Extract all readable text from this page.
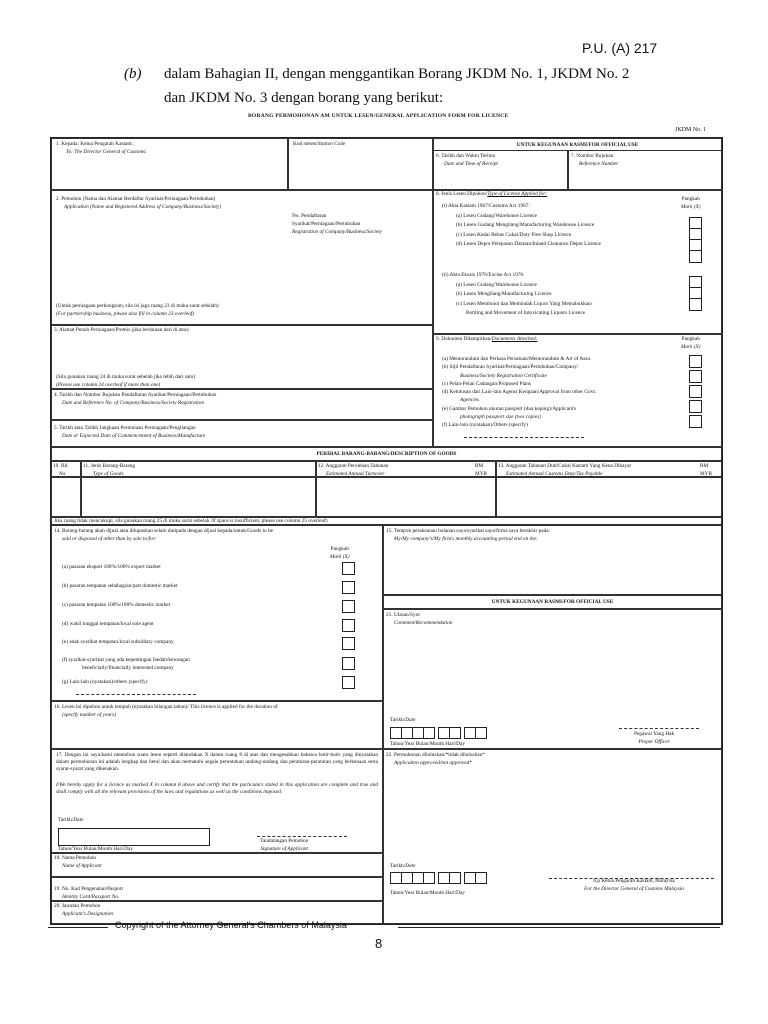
P.U. (A) 217
(b) dalam Bahagian II, dengan menggantikan Borang JKDM No. 1, JKDM No. 2
dan JKDM No. 3 dengan borang yang berikut:
BORANG PERMOHONAN AM UNTUK LESEN/GENERAL APPLICATION FORM FOR LICENCE
JKDM No. 1
1. Kepada: Ketua Pengarah Kastam:
To: The Director General of Customs:
Kod stesen/Station Code	UNTUK KEGUNAAN RASMI/FOR OFFICIAL USE
6. Tarikh dan Waktu Terima
Date and Time of Receipt
7. Nombor Rujukan
Reference Number
2. Pemohon (Nama dan Alamat Berdaftar Syarikat/Perniagaan/Pertubuhan)
Application (Name and Registered Address of Company/Business/Society)
No. Pendaftaran
Syarikat/Perniagaan/Pertubuhan
Registration of Company/Business/Society
(Untuk perniagaan perkongsian, sila isi juga ruang 23 di muka surat sebelah)
(For partnership business, please also fill in column 23 overleaf)
3. Alamat Penuh Perniagaan/Premis (jika berlainan dari di atas)
(Sila gunakan ruang 24 di muka surat sebelah jika lebih dari satu)
(Please use column 24 overleaf if more than one)
4. Tarikh dan Nombor Rujukan Pendaftaran Syarikat/Perniagaan/Pertubuhan
Date and Reference No. of Company/Business/Society Registration
5. Tarikh atau Tarikh Jangkaan Permulaan Perniagaan/Pengilangan
Date or Expected Date of Commencement of Business/Manufacture
8. Jenis Lesen Dipohon/Type of License Applied for:
Pangkah
Mark (X)
(i) Akta Kastam 1967/Customs Act 1967:
(a) Lesen Gudang/Warehouse Licence
(b) Lesen Gudang Mengilang/Manufacturing Warehouse Licence
(c) Lesen Kedai Bebas Cukai/Duty Free Shop Licence
(d) Lesen Depot Pelepasan Daratan/Inland Clearance Depot Licence
(ii) Akta Eksais 1976/Excise Act 1976:
(a) Lesen Gudang/Warehouse Licence
(b) Lesen Mengilang/Manufacturing Licence
(c) Lesen Membotol dan Memindah Liquor Yang Memabukkan/
Bottling and Movement of Intoxicating Liquors Licence
9. Dokumen Dilampirkan/Documents Attached:	Pangkah
Mark (X)
(a) Memorandum dan Perkara Persatuan/Memorandum & Art of Assn.
(b) Sijil Pendaftaran Syarikat/Perniagaan/Pertubuhan/Company/
Business/Society Registration Certificate
(c) Pelan-Pelan Cadangan/Proposed Plans
(d) Kelulusan dari Lain-lain Agensi Kerajaan/Approval from other Govt.
Agencies
(e) Gambar Pemohon ukuran passport (dua keping)/Applicant's
photograph passport size (two copies)
(f) Lain-lain (nyatakan)/Others (specify)
PERIHAL BARANG-BARANG/DESCRIPTION OF GOODS
10. Bil.
No.
11. Jenis Barang-Barang
Type of Goods
12. Anggaran Perolehan Tahunan
Estimated Annual Turnover
RM
MYR
13. Anggaran Tahunan Duti/Cukai Kastam Yang Kena Dibayar
Estimated Annual Customs Duty/Tax Payable
RM
MYR
Jika ruang tidak mencukupi, sila gunakan ruang 25 di muka surat sebelah /If space is insufficient, please use column 25 overleaf)
14. Barang-barang akan dijual atau dilupuskan selain daripada dengan dijual kepada/untuk/Goods to be
sold or disposed of other than by sale to/for:
Pangkah
Mark (X)
(a) pasaran eksport 100%/100% export market
(b) pasaran tempatan sebahagian/part domestic market
(c) pasaran tempatan 100%/100% domestic market
(d) wakil tunggal tempatan/local sole agent
(e) anak syarikat tempatan/local subsidiary company
(f) syarikat-syarikat yang ada kepentingan faedah/kewangan
beneficially/financially interested company
(g) Lain-lain (nyatakan)/others (specify)
15. Tempoh perakaunan bulanan saya/syarikat saya/firma saya berakhir pada:
My/My company's/My firm's monthly accounting period end on the:
UNTUK KEGUNAAN RASMI/FOR OFFICIAL USE
21. Ulasan/Syor
Comment/Recommendation
Tarikh/Date
Tahun/Year Bulan/Month Hari/Day
Pegawai Yang Hak
Proper Officer
16. Lesen ini dipohon untuk tempoh (nyatakan bilangan tahun)/ This licence is applied for the duration of
(specify number of years)
17. Dengan ini saya/kami memohon suatu lesen seperti ditandakan X dalam ruang 8 di atas dan mengesahkan bahawa butir-butir yang dinyatakan dalam permohonan ini adalah lengkap dan betul dan akan mematuhi segala peruntukan undang-undang dan peraturan-peraturan yang berkenaan serta syarat-syarat yang dikenakan.
I/We hereby apply for a licence as marked X in column 8 above and certify that the particulars stated in this application are complete and true and shall comply with all the relevant provisions of the laws and regulations as well as the conditions imposed.
Tarikh/Date
Tahun/Year Bulan/Month Hari/Day
Tandatangan Pemohon
Signature of Applicant
22. Permohonan diluluskan/*tidak diluluskan*
Application approved/not approved*
Tarikh/Date
Tahun/Year Bulan/Month Hari/Day
b.p Ketua Pengarah Kastam, Malaysia
For the Director General of Customs Malaysia
18. Nama Pemohon
Name of Applicant
19. No. Kad Pengenalan/Pasport
Identity Card/Passport No.
20. Jawatan Pemohon
Applicant's Designation
Copyright of the Attorney General's Chambers of Malaysia
8
